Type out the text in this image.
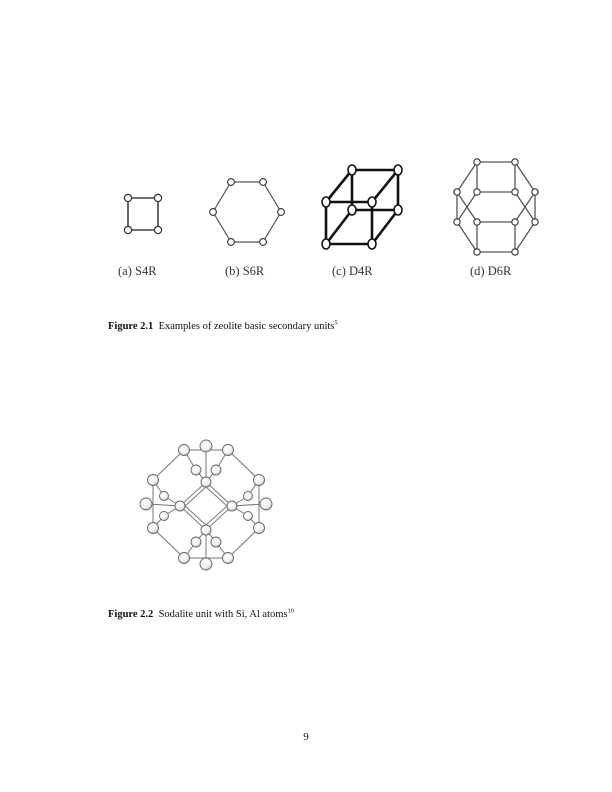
(a) S4R	(b) S6R	(c) D4R	(d) D6R
Figure 2.1 Examples of zeolite basic secondary units$^5$
Figure 2.2 Sodalite unit with Si, Al atoms$^{10}$
9
